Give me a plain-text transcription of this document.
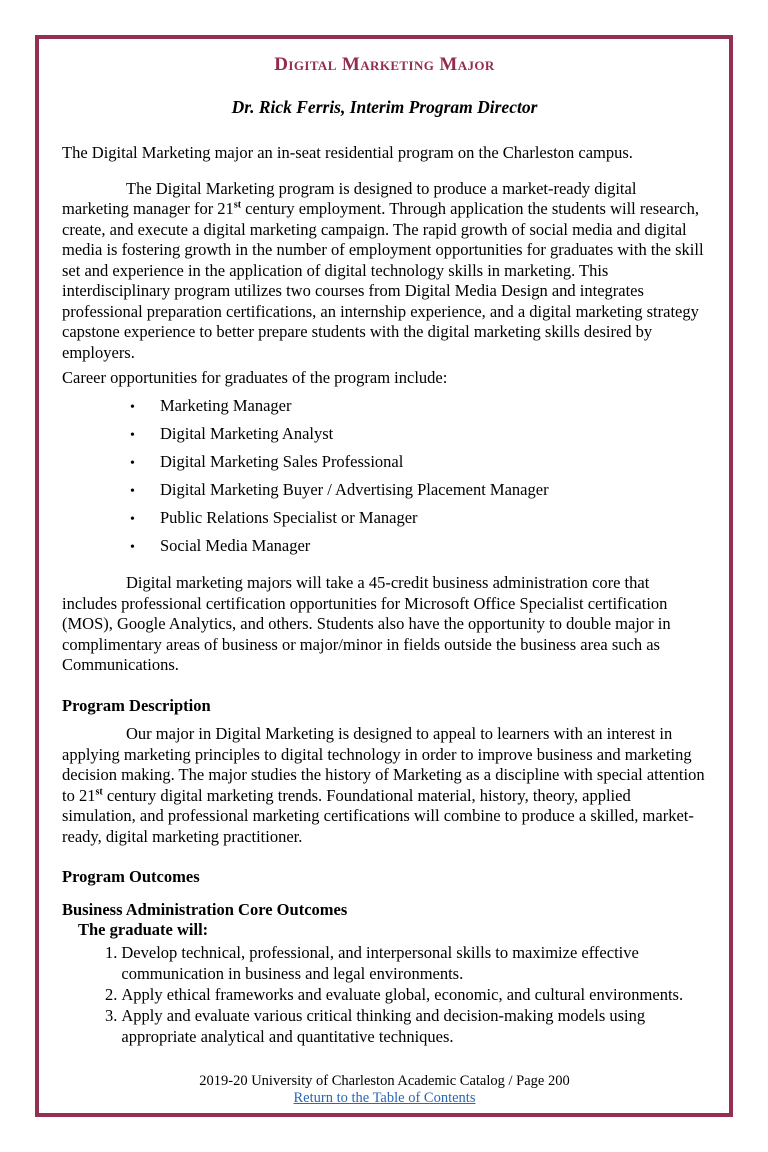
Digital Marketing Major
Dr. Rick Ferris, Interim Program Director

The Digital Marketing major an in-seat residential program on the Charleston campus.

The Digital Marketing program is designed to produce a market-ready digital marketing manager for 21st century employment. Through application the students will research, create, and execute a digital marketing campaign. The rapid growth of social media and digital media is fostering growth in the number of employment opportunities for graduates with the skill set and experience in the application of digital technology skills in marketing. This interdisciplinary program utilizes two courses from Digital Media Design and integrates professional preparation certifications, an internship experience, and a digital marketing strategy capstone experience to better prepare students with the digital marketing skills desired by employers.

Career opportunities for graduates of the program include:

•	Marketing Manager
•	Digital Marketing Analyst
•	Digital Marketing Sales Professional
•	Digital Marketing Buyer / Advertising Placement Manager
•	Public Relations Specialist or Manager
•	Social Media Manager

Digital marketing majors will take a 45-credit business administration core that includes professional certification opportunities for Microsoft Office Specialist certification (MOS), Google Analytics, and others. Students also have the opportunity to double major in complimentary areas of business or major/minor in fields outside the business area such as Communications.

Program Description

Our major in Digital Marketing is designed to appeal to learners with an interest in applying marketing principles to digital technology in order to improve business and marketing decision making. The major studies the history of Marketing as a discipline with special attention to 21st century digital marketing trends. Foundational material, history, theory, applied simulation, and professional marketing certifications will combine to produce a skilled, market-ready, digital marketing practitioner.

Program Outcomes
Business Administration Core Outcomes
The graduate will:
1. Develop technical, professional, and interpersonal skills to maximize effective communication in business and legal environments.
2. Apply ethical frameworks and evaluate global, economic, and cultural environments.
3. Apply and evaluate various critical thinking and decision-making models using appropriate analytical and quantitative techniques.
2019-20 University of Charleston Academic Catalog / Page 200
Return to the Table of Contents
